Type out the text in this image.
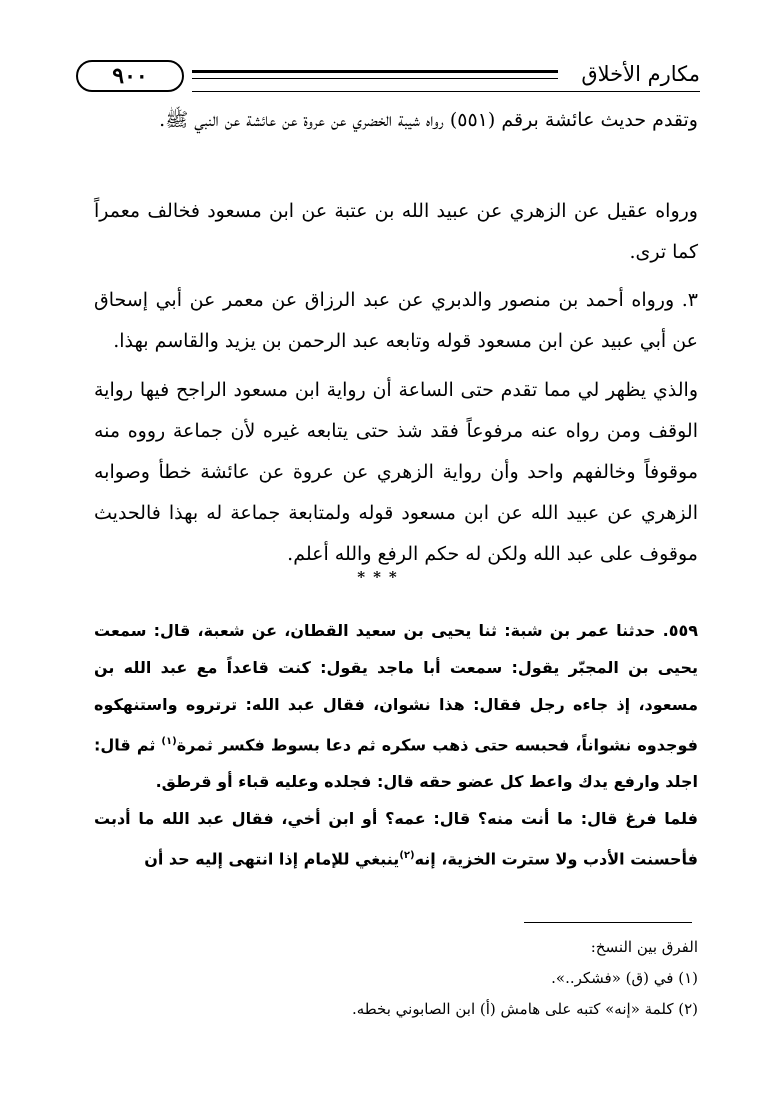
مكارم الأخلاق
٩٠٠
وتقدم حديث عائشة برقم (٥٥١) رواه شيبة الخضري عن عروة عن عائشة عن النبي ﷺ.
ورواه عقيل عن الزهري عن عبيد الله بن عتبة عن ابن مسعود فخالف معمراً كما ترى.
٣. ورواه أحمد بن منصور والدبري عن عبد الرزاق عن معمر عن أبي إسحاق عن أبي عبيد عن ابن مسعود قوله وتابعه عبد الرحمن بن يزيد والقاسم بهذا.
والذي يظهر لي مما تقدم حتى الساعة أن رواية ابن مسعود الراجح فيها رواية الوقف ومن رواه عنه مرفوعاً فقد شذ حتى يتابعه غيره لأن جماعة رووه منه موقوفاً وخالفهم واحد وأن رواية الزهري عن عروة عن عائشة خطأ وصوابه الزهري عن عبيد الله عن ابن مسعود قوله ولمتابعة جماعة له بهذا فالحديث موقوف على عبد الله ولكن له حكم الرفع والله أعلم.
***
٥٥٩. حدثنا عمر بن شبة: ثنا يحيى بن سعيد القطان، عن شعبة، قال: سمعت يحيى بن المجبّر يقول: سمعت أبا ماجد يقول: كنت قاعداً مع عبد الله بن مسعود، إذ جاءه رجل فقال: هذا نشوان، فقال عبد الله: ترتروه واستنهكوه فوجدوه نشواناً، فحبسه حتى ذهب سكره ثم دعا بسوط فكسر ثمرة$^{(١)}$ ثم قال: اجلد وارفع يدك واعط كل عضو حقه قال: فجلده وعليه قباء أو قرطق.
فلما فرغ قال: ما أنت منه؟ قال: عمه؟ أو ابن أخي، فقال عبد الله ما أدبت فأحسنت الأدب ولا سترت الخزية، إنه$^{(٢)}$ينبغي للإمام إذا انتهى إليه حد أن
الفرق بين النسخ:
(١) في (ق) «فشكر..».
(٢) كلمة «إنه» كتبه على هامش (أ) ابن الصابوني بخطه.
